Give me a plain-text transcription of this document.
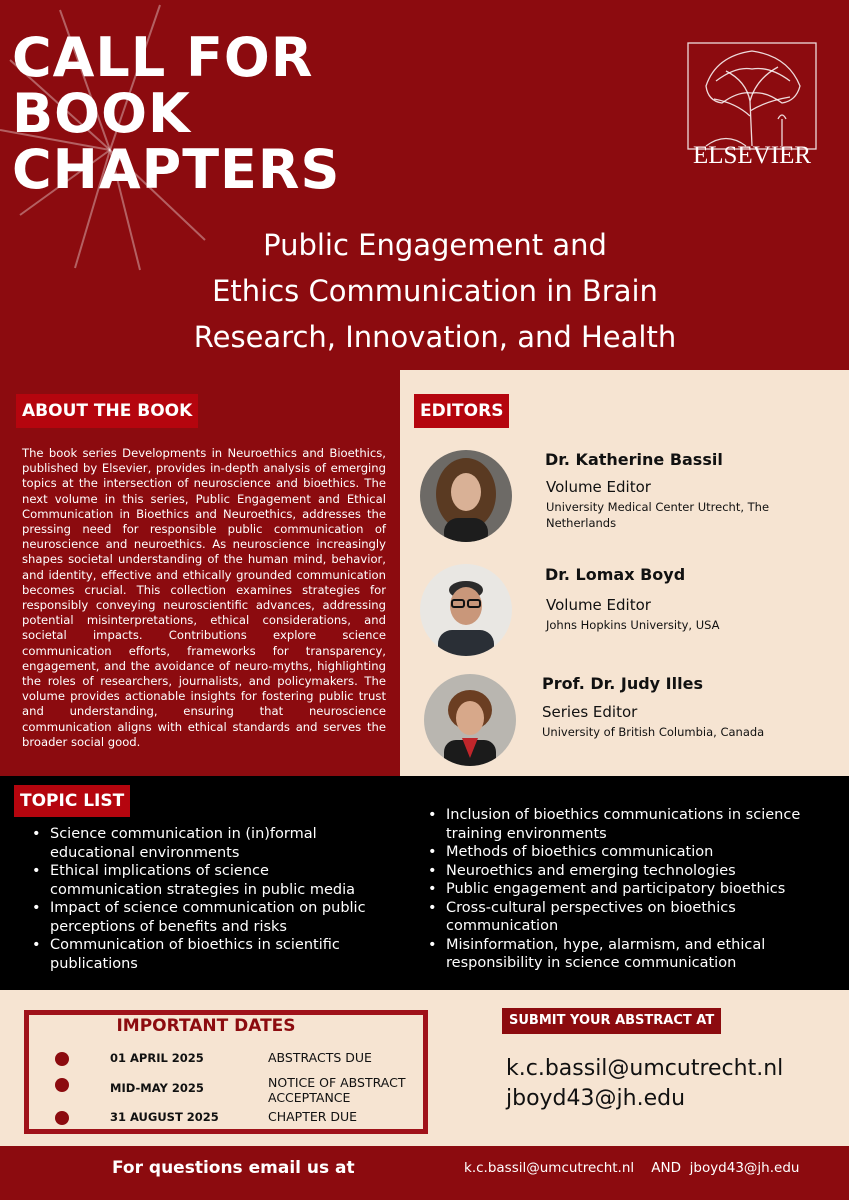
CALL FOR
BOOK
CHAPTERS	ELSEVIER
Public Engagement and
Ethics Communication in Brain
Research, Innovation, and Health
ABOUT THE BOOK
The book series Developments in Neuroethics and Bioethics, published by Elsevier, provides in-depth analysis of emerging topics at the intersection of neuroscience and bioethics. The next volume in this series, Public Engagement and Ethical Communication in Bioethics and Neuroethics, addresses the pressing need for responsible public communication of neuroscience and neuroethics. As neuroscience increasingly shapes societal understanding of the human mind, behavior, and identity, effective and ethically grounded communication becomes crucial. This collection examines strategies for responsibly conveying neuroscientific advances, addressing potential misinterpretations, ethical considerations, and societal impacts. Contributions explore science communication efforts, frameworks for transparency, engagement, and the avoidance of neuro-myths, highlighting the roles of researchers, journalists, and policymakers. The volume provides actionable insights for fostering public trust and understanding, ensuring that neuroscience communication aligns with ethical standards and serves the broader social good.
EDITORS
Dr. Katherine Bassil
Volume Editor
University Medical Center Utrecht, The Netherlands
Dr. Lomax Boyd
Volume Editor
Johns Hopkins University, USA
Prof. Dr. Judy Illes
Series Editor
University of British Columbia, Canada
TOPIC LIST
• Science communication in (in)formal educational environments
• Ethical implications of science communication strategies in public media
• Impact of science communication on public perceptions of benefits and risks
• Communication of bioethics in scientific publications
• Inclusion of bioethics communications in science training environments
• Methods of bioethics communication
• Neuroethics and emerging technologies
• Public engagement and participatory bioethics
• Cross-cultural perspectives on bioethics communication
• Misinformation, hype, alarmism, and ethical responsibility in science communication
IMPORTANT DATES
01 APRIL 2025	ABSTRACTS DUE
MID-MAY 2025	NOTICE OF ABSTRACT ACCEPTANCE
31 AUGUST 2025	CHAPTER DUE
SUBMIT YOUR ABSTRACT AT
k.c.bassil@umcutrecht.nl
jboyd43@jh.edu
For questions email us at	k.c.bassil@umcutrecht.nl    AND  jboyd43@jh.edu
